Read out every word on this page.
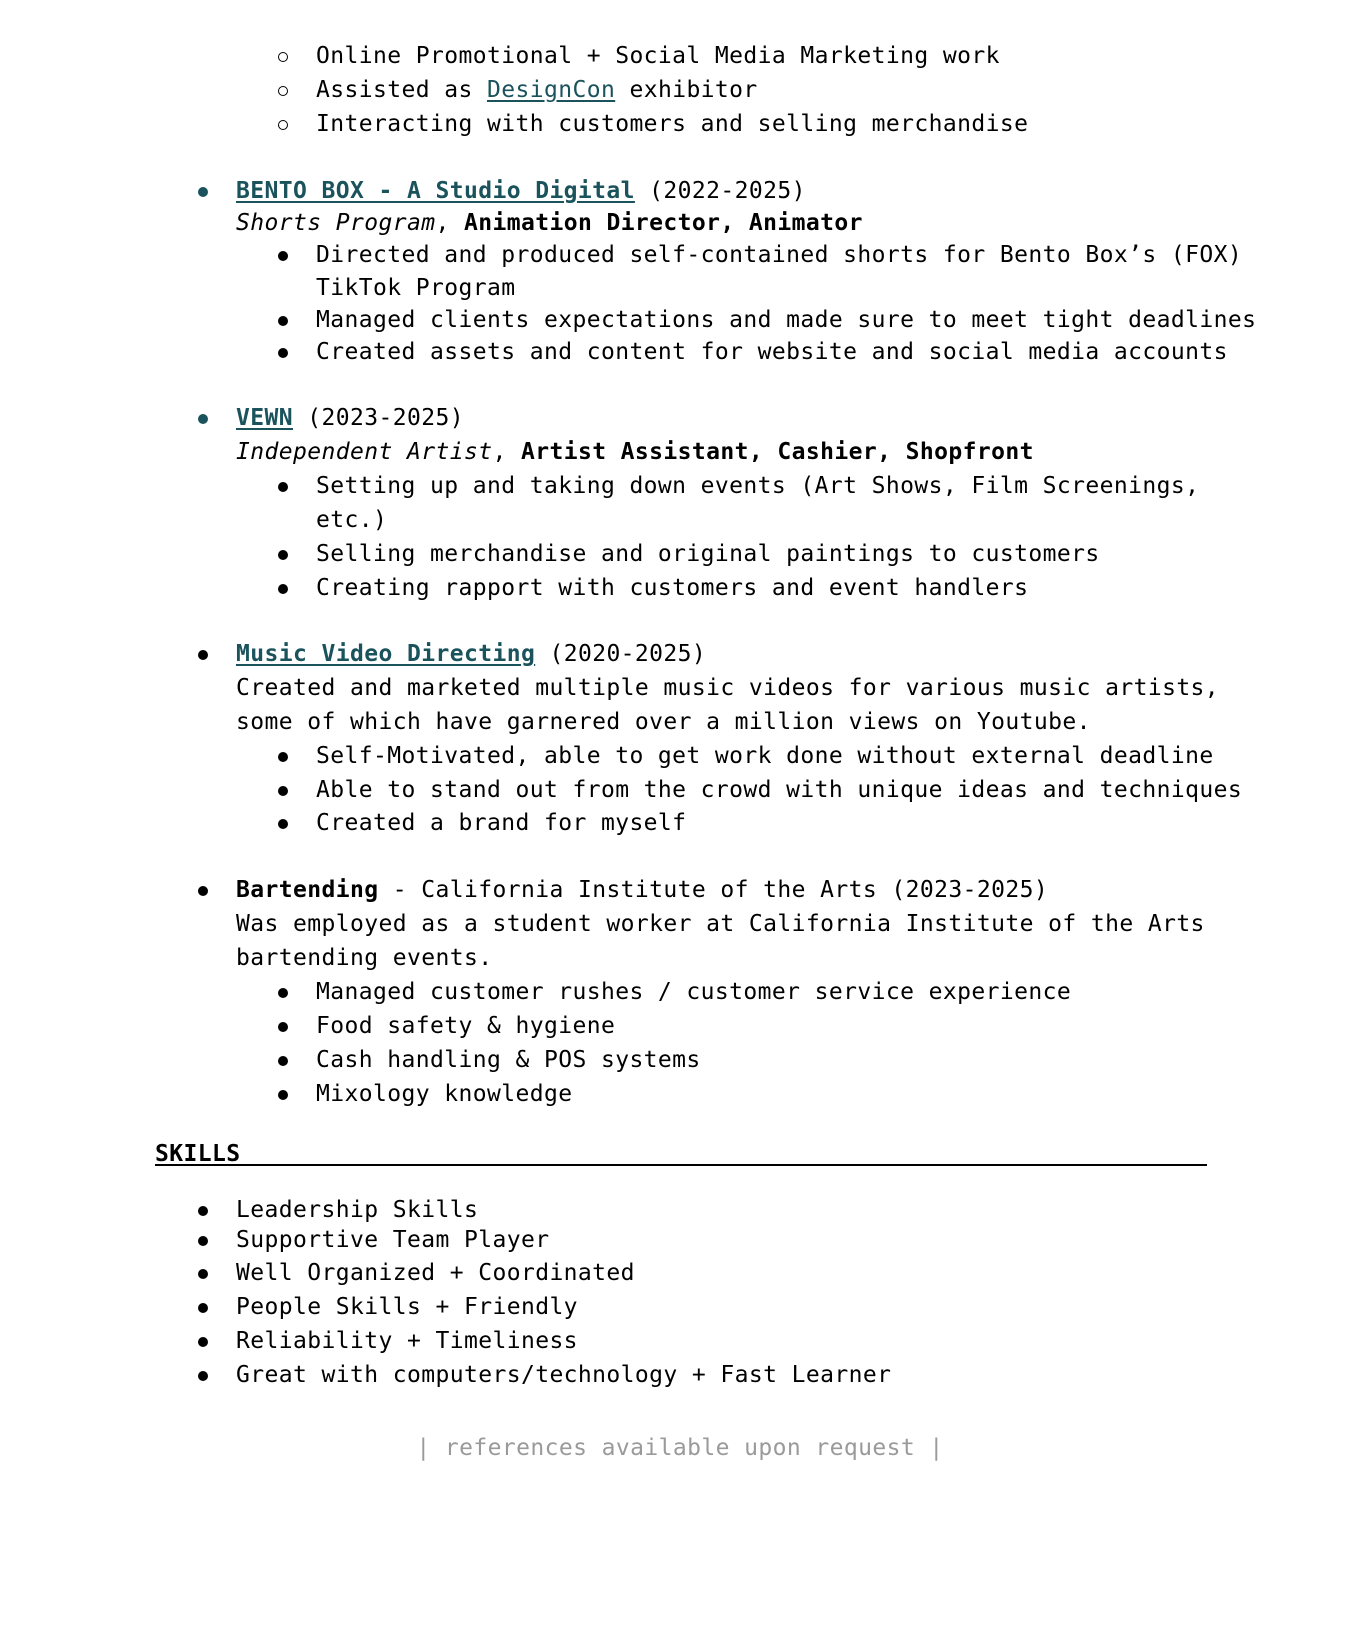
Online Promotional + Social Media Marketing work
Assisted as DesignCon exhibitor
Interacting with customers and selling merchandise
BENTO BOX - A Studio Digital (2022-2025)
Shorts Program, Animation Director, Animator
Directed and produced self-contained shorts for Bento Box’s (FOX)
TikTok Program
Managed clients expectations and made sure to meet tight deadlines
Created assets and content for website and social media accounts
VEWN (2023-2025)
Independent Artist, Artist Assistant, Cashier, Shopfront
Setting up and taking down events (Art Shows, Film Screenings,
etc.)
Selling merchandise and original paintings to customers
Creating rapport with customers and event handlers
Music Video Directing (2020-2025)
Created and marketed multiple music videos for various music artists,
some of which have garnered over a million views on Youtube.
Self-Motivated, able to get work done without external deadline
Able to stand out from the crowd with unique ideas and techniques
Created a brand for myself
Bartending - California Institute of the Arts (2023-2025)
Was employed as a student worker at California Institute of the Arts
bartending events.
Managed customer rushes / customer service experience
Food safety & hygiene
Cash handling & POS systems
Mixology knowledge
SKILLS
Leadership Skills
Supportive Team Player
Well Organized + Coordinated
People Skills + Friendly
Reliability + Timeliness
Great with computers/technology + Fast Learner
| references available upon request |
